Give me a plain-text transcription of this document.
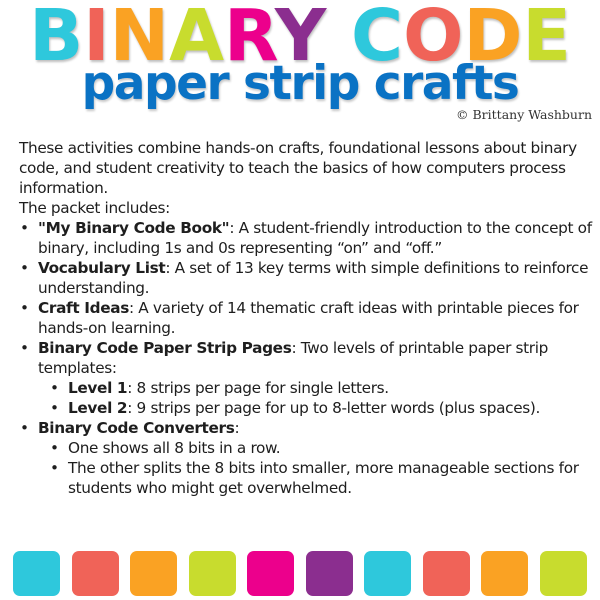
BINARY CODE
paper strip crafts
© Brittany Washburn

These activities combine hands-on crafts, foundational lessons about binary code, and student creativity to teach the basics of how computers process information.

The packet includes:

• "My Binary Code Book": A student-friendly introduction to the concept of binary, including 1s and 0s representing “on” and “off.”
• Vocabulary List: A set of 13 key terms with simple definitions to reinforce understanding.
• Craft Ideas: A variety of 14 thematic craft ideas with printable pieces for hands-on learning.
• Binary Code Paper Strip Pages: Two levels of printable paper strip templates:
• Level 1: 8 strips per page for single letters.
• Level 2: 9 strips per page for up to 8-letter words (plus spaces).
• Binary Code Converters:
• One shows all 8 bits in a row.
• The other splits the 8 bits into smaller, more manageable sections for students who might get overwhelmed.
